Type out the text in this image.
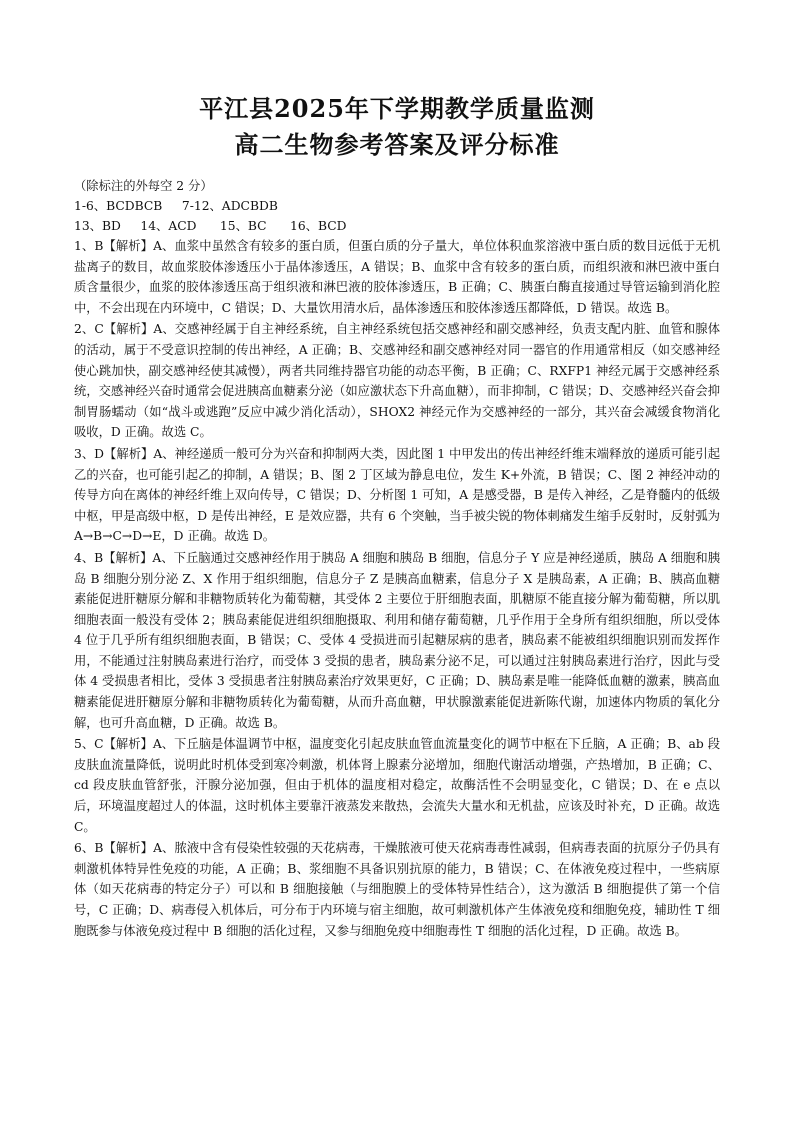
平江县2025年下学期教学质量监测
高二生物参考答案及评分标准

（除标注的外每空 2 分）

1-6、BCDBCB     7-12、ADCBDB

13、BD     14、ACD      15、BC      16、BCD

1、B【解析】A、血浆中虽然含有较多的蛋白质，但蛋白质的分子量大，单位体积血浆溶液中蛋白质的数目远低于无机盐离子的数目，故血浆胶体渗透压小于晶体渗透压，A 错误；B、血浆中含有较多的蛋白质，而组织液和淋巴液中蛋白质含量很少，血浆的胶体渗透压高于组织液和淋巴液的胶体渗透压，B 正确；C、胰蛋白酶直接通过导管运输到消化腔中，不会出现在内环境中，C 错误；D、大量饮用清水后，晶体渗透压和胶体渗透压都降低，D 错误。故选 B。

2、C【解析】A、交感神经属于自主神经系统，自主神经系统包括交感神经和副交感神经，负责支配内脏、血管和腺体的活动，属于不受意识控制的传出神经，A 正确；B、交感神经和副交感神经对同一器官的作用通常相反（如交感神经使心跳加快，副交感神经使其减慢），两者共同维持器官功能的动态平衡，B 正确；C、RXFP1 神经元属于交感神经系统，交感神经兴奋时通常会促进胰高血糖素分泌（如应激状态下升高血糖），而非抑制，C 错误；D、交感神经兴奋会抑制胃肠蠕动（如“战斗或逃跑”反应中减少消化活动），SHOX2 神经元作为交感神经的一部分，其兴奋会减缓食物消化吸收，D 正确。故选 C。

3、D【解析】A、神经递质一般可分为兴奋和抑制两大类，因此图 1 中甲发出的传出神经纤维末端释放的递质可能引起乙的兴奋，也可能引起乙的抑制，A 错误；B、图 2 丁区域为静息电位，发生 K+外流，B 错误；C、图 2 神经冲动的传导方向在离体的神经纤维上双向传导，C 错误；D、分析图 1 可知，A 是感受器，B 是传入神经，乙是脊髓内的低级中枢，甲是高级中枢，D 是传出神经，E 是效应器，共有 6 个突触，当手被尖锐的物体刺痛发生缩手反射时，反射弧为 A→B→C→D→E，D 正确。故选 D。

4、B【解析】A、下丘脑通过交感神经作用于胰岛 A 细胞和胰岛 B 细胞，信息分子 Y 应是神经递质，胰岛 A 细胞和胰岛 B 细胞分别分泌 Z、X 作用于组织细胞，信息分子 Z 是胰高血糖素，信息分子 X 是胰岛素，A 正确；B、胰高血糖素能促进肝糖原分解和非糖物质转化为葡萄糖，其受体 2 主要位于肝细胞表面，肌糖原不能直接分解为葡萄糖，所以肌细胞表面一般没有受体 2；胰岛素能促进组织细胞摄取、利用和储存葡萄糖，几乎作用于全身所有组织细胞，所以受体 4 位于几乎所有组织细胞表面，B 错误；C、受体 4 受损进而引起糖尿病的患者，胰岛素不能被组织细胞识别而发挥作用，不能通过注射胰岛素进行治疗，而受体 3 受损的患者，胰岛素分泌不足，可以通过注射胰岛素进行治疗，因此与受体 4 受损患者相比，受体 3 受损患者注射胰岛素治疗效果更好，C 正确；D、胰岛素是唯一能降低血糖的激素，胰高血糖素能促进肝糖原分解和非糖物质转化为葡萄糖，从而升高血糖，甲状腺激素能促进新陈代谢，加速体内物质的氧化分解，也可升高血糖，D 正确。故选 B。

5、C【解析】A、下丘脑是体温调节中枢，温度变化引起皮肤血管血流量变化的调节中枢在下丘脑，A 正确；B、ab 段皮肤血流量降低，说明此时机体受到寒冷刺激，机体肾上腺素分泌增加，细胞代谢活动增强，产热增加，B 正确；C、cd 段皮肤血管舒张，汗腺分泌加强，但由于机体的温度相对稳定，故酶活性不会明显变化，C 错误；D、在 e 点以后，环境温度超过人的体温，这时机体主要靠汗液蒸发来散热，会流失大量水和无机盐，应该及时补充，D 正确。故选 C。

6、B【解析】A、脓液中含有侵染性较强的天花病毒，干燥脓液可使天花病毒毒性减弱，但病毒表面的抗原分子仍具有刺激机体特异性免疫的功能，A 正确；B、浆细胞不具备识别抗原的能力，B 错误；C、在体液免疫过程中，一些病原体（如天花病毒的特定分子）可以和 B 细胞接触（与细胞膜上的受体特异性结合），这为激活 B 细胞提供了第一个信号，C 正确；D、病毒侵入机体后，可分布于内环境与宿主细胞，故可刺激机体产生体液免疫和细胞免疫，辅助性 T 细胞既参与体液免疫过程中 B 细胞的活化过程，又参与细胞免疫中细胞毒性 T 细胞的活化过程，D 正确。故选 B。
